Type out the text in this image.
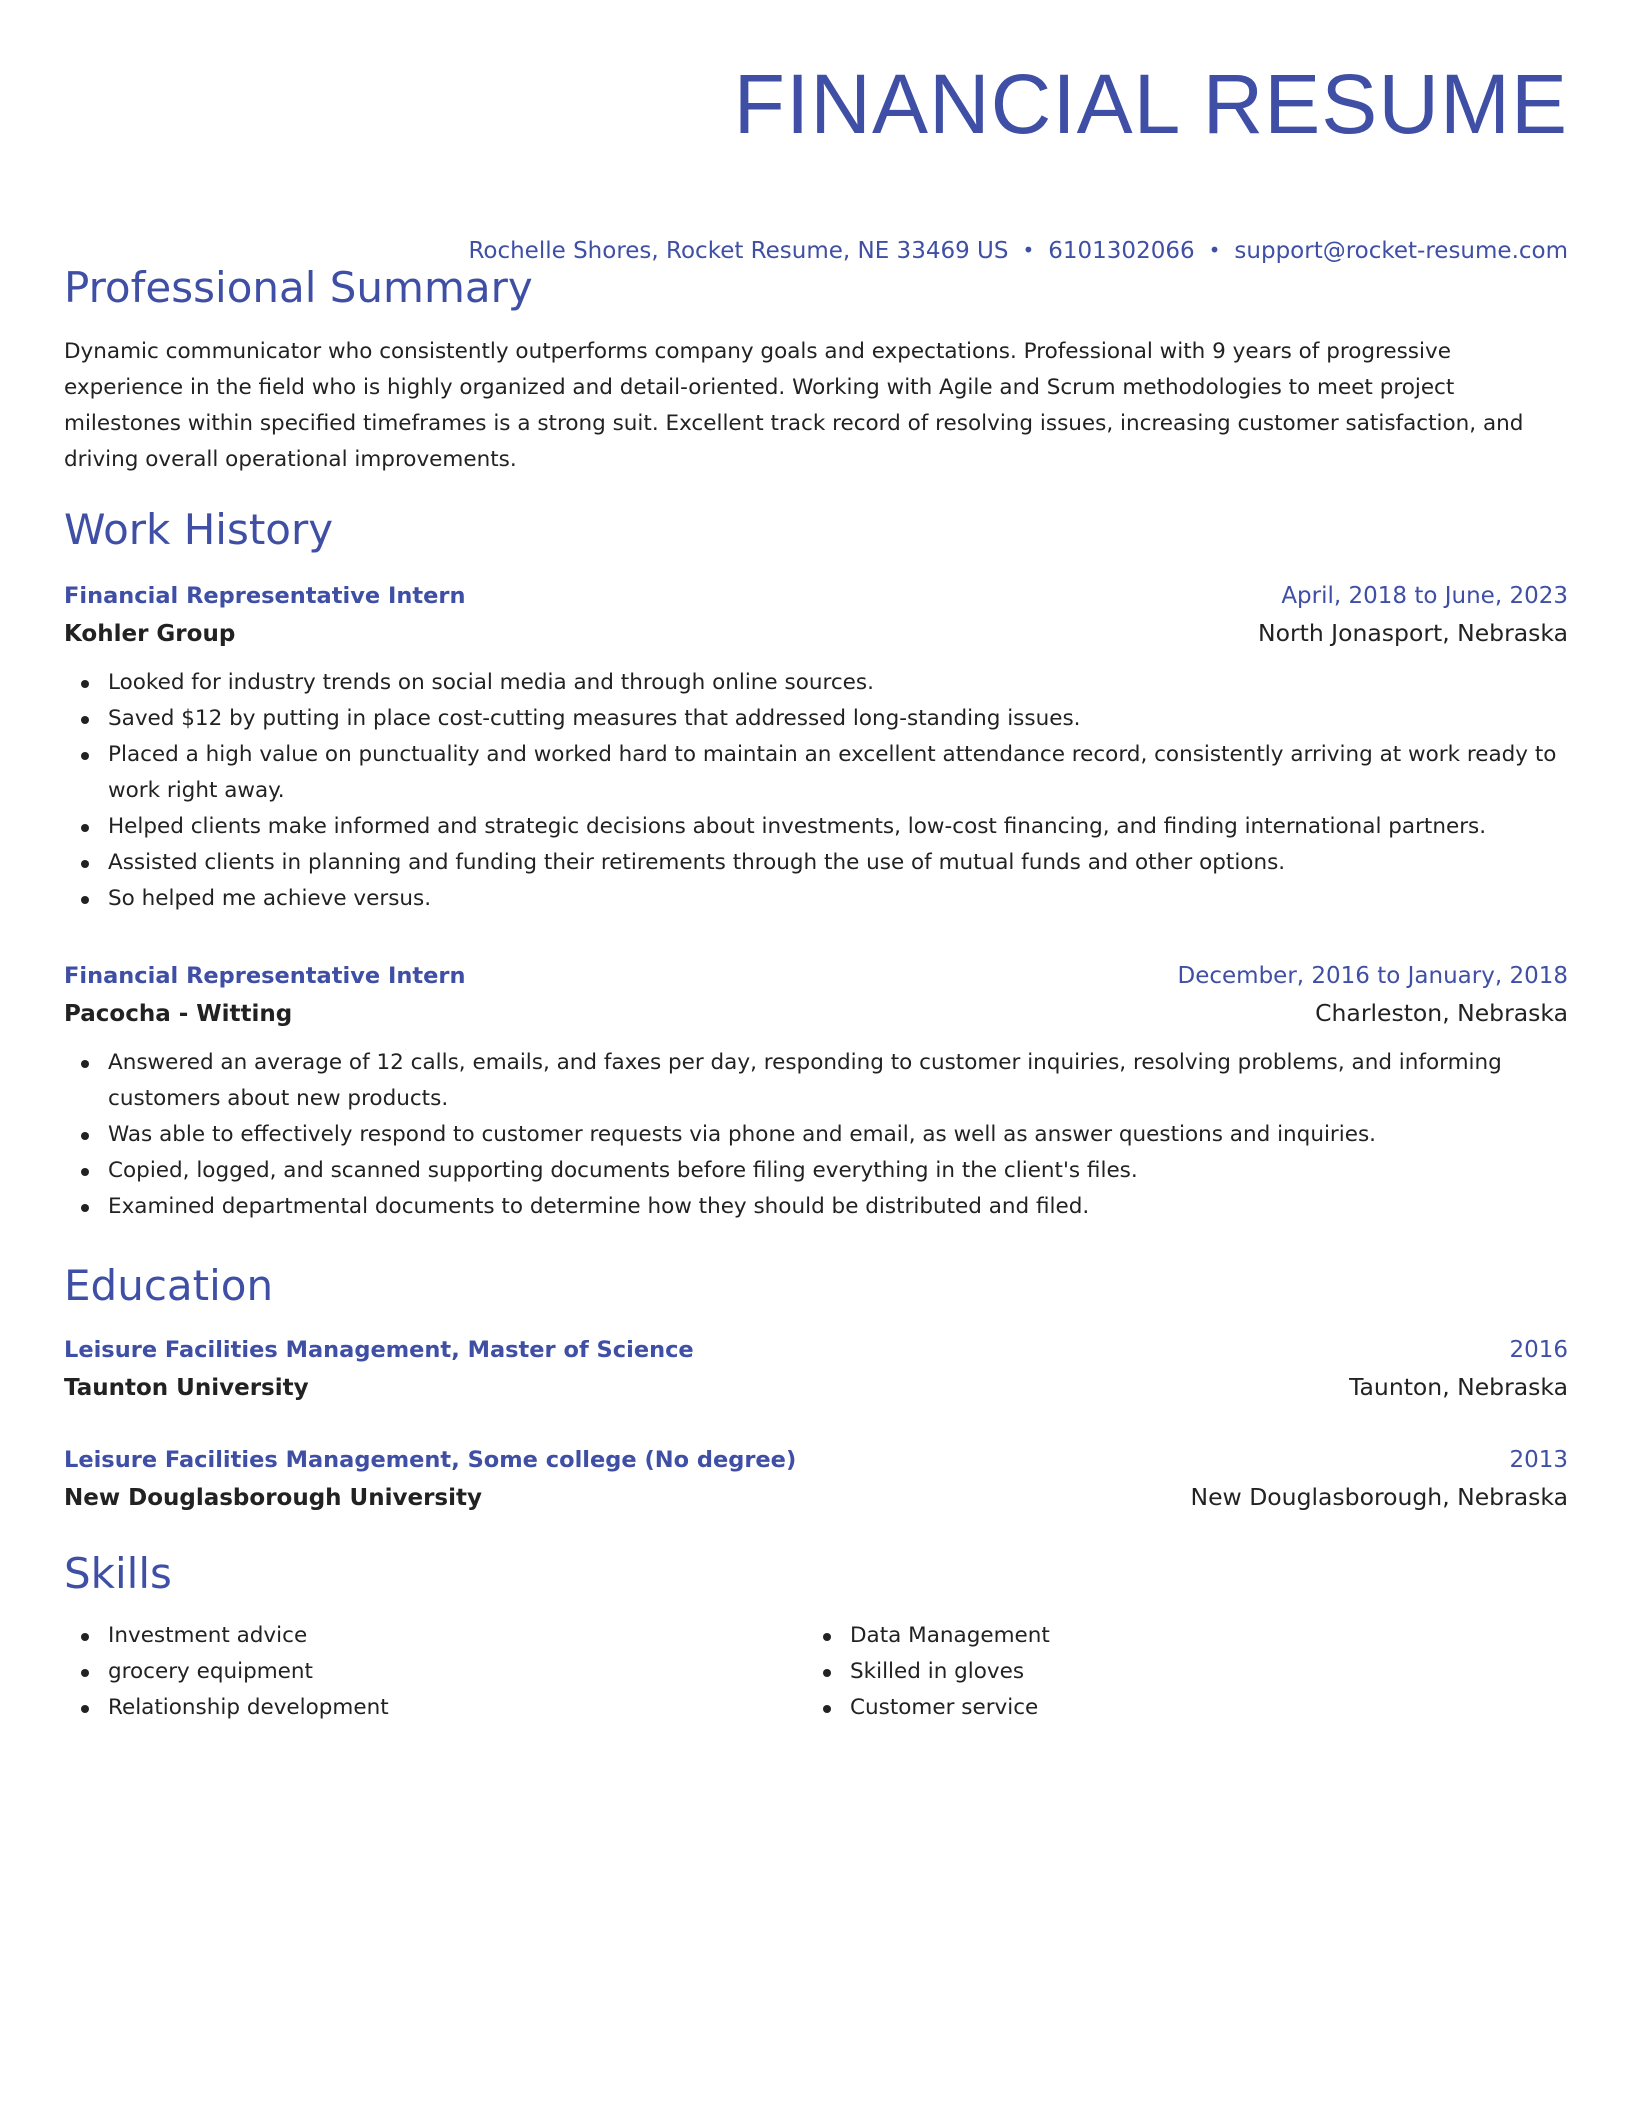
FINANCIAL RESUME
Rochelle Shores, Rocket Resume, NE 33469 US • 6101302066 • support@rocket-resume.com
Professional Summary
Dynamic communicator who consistently outperforms company goals and expectations. Professional with 9 years of progressive experience in the field who is highly organized and detail-oriented. Working with Agile and Scrum methodologies to meet project milestones within specified timeframes is a strong suit. Excellent track record of resolving issues, increasing customer satisfaction, and driving overall operational improvements.
Work History
Financial Representative Intern	April, 2018 to June, 2023
Kohler Group	North Jonasport, Nebraska
Looked for industry trends on social media and through online sources.
Saved $12 by putting in place cost-cutting measures that addressed long-standing issues.
Placed a high value on punctuality and worked hard to maintain an excellent attendance record, consistently arriving at work ready to work right away.
Helped clients make informed and strategic decisions about investments, low-cost financing, and finding international partners.
Assisted clients in planning and funding their retirements through the use of mutual funds and other options.
So helped me achieve versus.
Financial Representative Intern	December, 2016 to January, 2018
Pacocha - Witting	Charleston, Nebraska
Answered an average of 12 calls, emails, and faxes per day, responding to customer inquiries, resolving problems, and informing customers about new products.
Was able to effectively respond to customer requests via phone and email, as well as answer questions and inquiries.
Copied, logged, and scanned supporting documents before filing everything in the client's files.
Examined departmental documents to determine how they should be distributed and filed.
Education
Leisure Facilities Management, Master of Science	2016
Taunton University	Taunton, Nebraska
Leisure Facilities Management, Some college (No degree)	2013
New Douglasborough University	New Douglasborough, Nebraska
Skills
Investment advice
grocery equipment
Relationship development
Data Management
Skilled in gloves
Customer service
